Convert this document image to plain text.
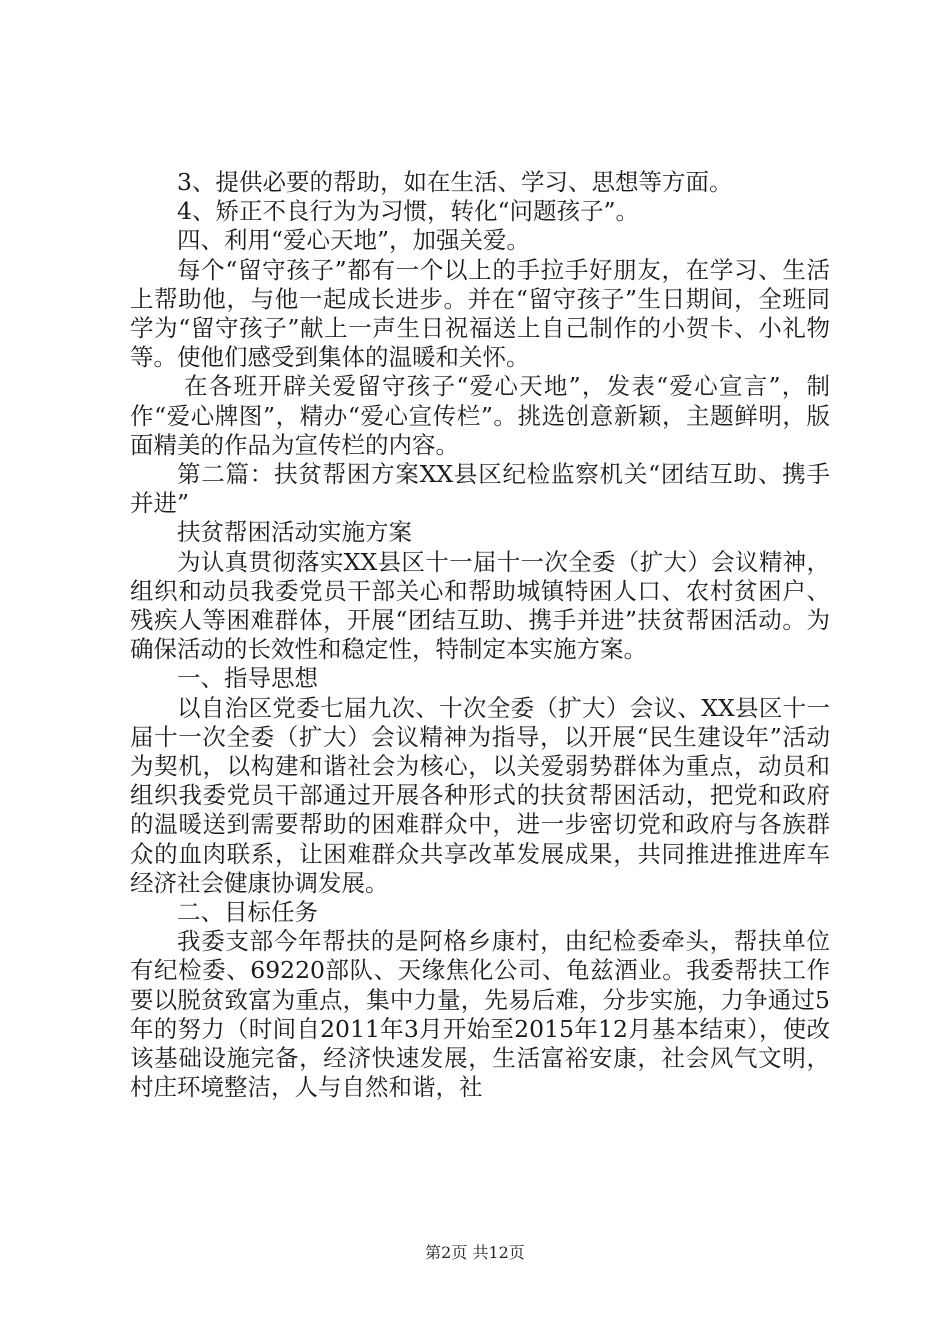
3、提供必要的帮助，如在生活、学习、思想等方面。

4、矫正不良行为为习惯，转化“问题孩子”。

四、利用“爱心天地”，加强关爱。

每个“留守孩子”都有一个以上的手拉手好朋友，在学习、生活上帮助他，与他一起成长进步。并在“留守孩子”生日期间，全班同学为“留守孩子”献上一声生日祝福送上自己制作的小贺卡、小礼物等。使他们感受到集体的温暖和关怀。

在各班开辟关爱留守孩子“爱心天地”，发表“爱心宣言”，制作“爱心牌图”，精办“爱心宣传栏”。挑选创意新颖，主题鲜明，版面精美的作品为宣传栏的内容。

第二篇：扶贫帮困方案XX县区纪检监察机关“团结互助、携手并进”

扶贫帮困活动实施方案

为认真贯彻落实XX县区十一届十一次全委（扩大）会议精神，组织和动员我委党员干部关心和帮助城镇特困人口、农村贫困户、残疾人等困难群体，开展“团结互助、携手并进”扶贫帮困活动。为确保活动的长效性和稳定性，特制定本实施方案。

一、指导思想

以自治区党委七届九次、十次全委（扩大）会议、XX县区十一届十一次全委（扩大）会议精神为指导，以开展“民生建设年”活动为契机，以构建和谐社会为核心，以关爱弱势群体为重点，动员和组织我委党员干部通过开展各种形式的扶贫帮困活动，把党和政府的温暖送到需要帮助的困难群众中，进一步密切党和政府与各族群众的血肉联系，让困难群众共享改革发展成果，共同推进推进库车经济社会健康协调发展。

二、目标任务

我委支部今年帮扶的是阿格乡康村，由纪检委牵头，帮扶单位有纪检委、69220部队、天缘焦化公司、龟兹酒业。我委帮扶工作要以脱贫致富为重点，集中力量，先易后难，分步实施，力争通过5年的努力（时间自2011年3月开始至2015年12月基本结束），使改该基础设施完备，经济快速发展，生活富裕安康，社会风气文明，村庄环境整洁，人与自然和谐，社

第2页 共12页
